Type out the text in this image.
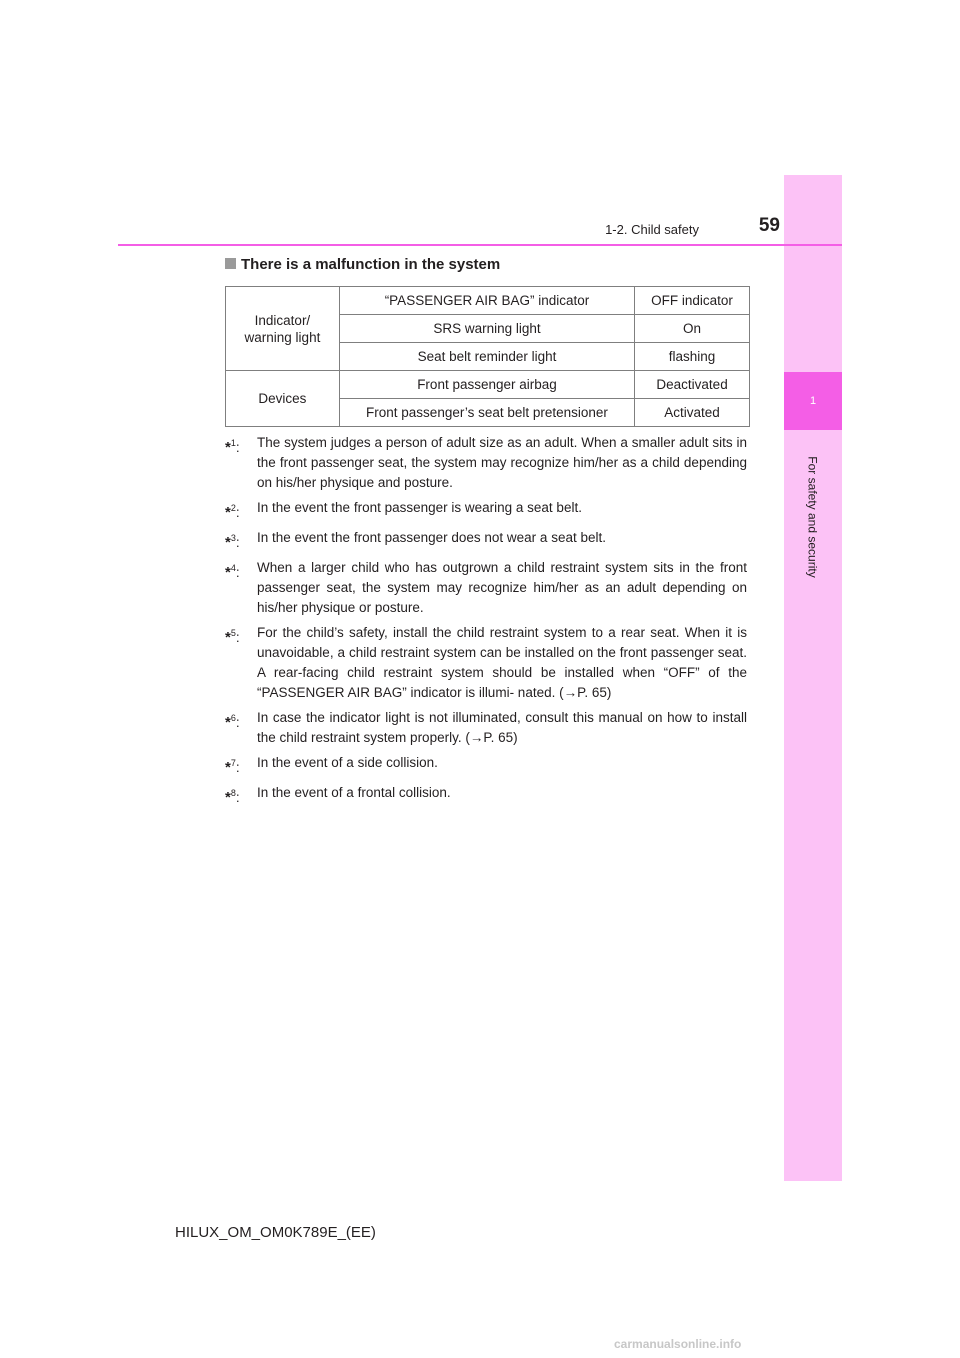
1
For safety and security
1-2. Child safety	59
There is a malfunction in the system
Indicator/ warning light	“PASSENGER AIR BAG” indicator	OFF indicator
	SRS warning light	On
	Seat belt reminder light	flashing
Devices	Front passenger airbag	Deactivated
	Front passenger’s seat belt pretensioner	Activated
*$^1$:	The system judges a person of adult size as an adult. When a smaller adult sits in the front passenger seat, the system may recognize him/her as a child depending on his/her physique and posture.
*$^2$:	In the event the front passenger is wearing a seat belt.
*$^3$:	In the event the front passenger does not wear a seat belt.
*$^4$:	When a larger child who has outgrown a child restraint system sits in the front passenger seat, the system may recognize him/her as an adult depending on his/her physique or posture.
*$^5$:	For the child’s safety, install the child restraint system to a rear seat. When it is unavoidable, a child restraint system can be installed on the front passenger seat. A rear-facing child restraint system should be installed when “OFF” of the “PASSENGER AIR BAG” indicator is illumi- nated. (→P. 65)
*$^6$:	In case the indicator light is not illuminated, consult this manual on how to install the child restraint system properly. (→P. 65)
*$^7$:	In the event of a side collision.
*$^8$:	In the event of a frontal collision.
HILUX_OM_OM0K789E_(EE)
carmanualsonline.info
